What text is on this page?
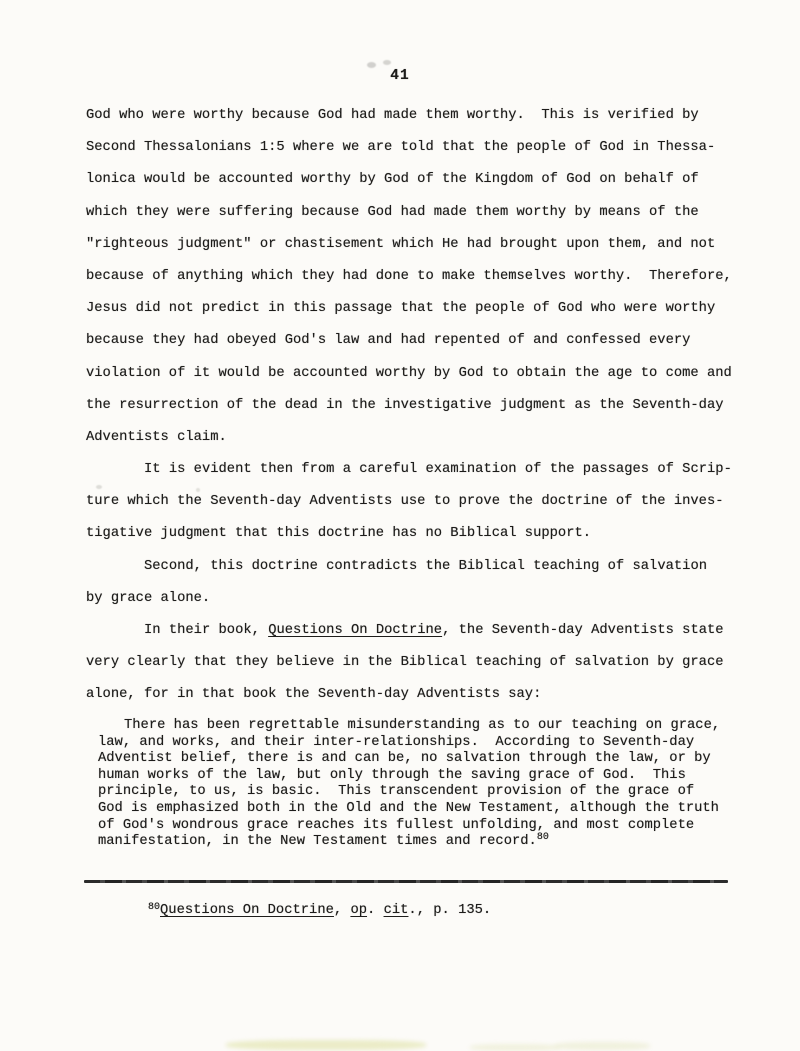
41
God who were worthy because God had made them worthy.  This is verified by
Second Thessalonians 1:5 where we are told that the people of God in Thessa-
lonica would be accounted worthy by God of the Kingdom of God on behalf of
which they were suffering because God had made them worthy by means of the
"righteous judgment" or chastisement which He had brought upon them, and not
because of anything which they had done to make themselves worthy.  Therefore,
Jesus did not predict in this passage that the people of God who were worthy
because they had obeyed God's law and had repented of and confessed every
violation of it would be accounted worthy by God to obtain the age to come and
the resurrection of the dead in the investigative judgment as the Seventh-day
Adventists claim.
It is evident then from a careful examination of the passages of Scrip-
ture which the Seventh-day Adventists use to prove the doctrine of the inves-
tigative judgment that this doctrine has no Biblical support.
Second, this doctrine contradicts the Biblical teaching of salvation
by grace alone.
In their book, Questions On Doctrine, the Seventh-day Adventists state
very clearly that they believe in the Biblical teaching of salvation by grace
alone, for in that book the Seventh-day Adventists say:
There has been regrettable misunderstanding as to our teaching on grace,
law, and works, and their inter-relationships.  According to Seventh-day
Adventist belief, there is and can be, no salvation through the law, or by
human works of the law, but only through the saving grace of God.  This
principle, to us, is basic.  This transcendent provision of the grace of
God is emphasized both in the Old and the New Testament, although the truth
of God's wondrous grace reaches its fullest unfolding, and most complete
manifestation, in the New Testament times and record.$^{80}$
$^{80}$Questions On Doctrine, op. cit., p. 135.
